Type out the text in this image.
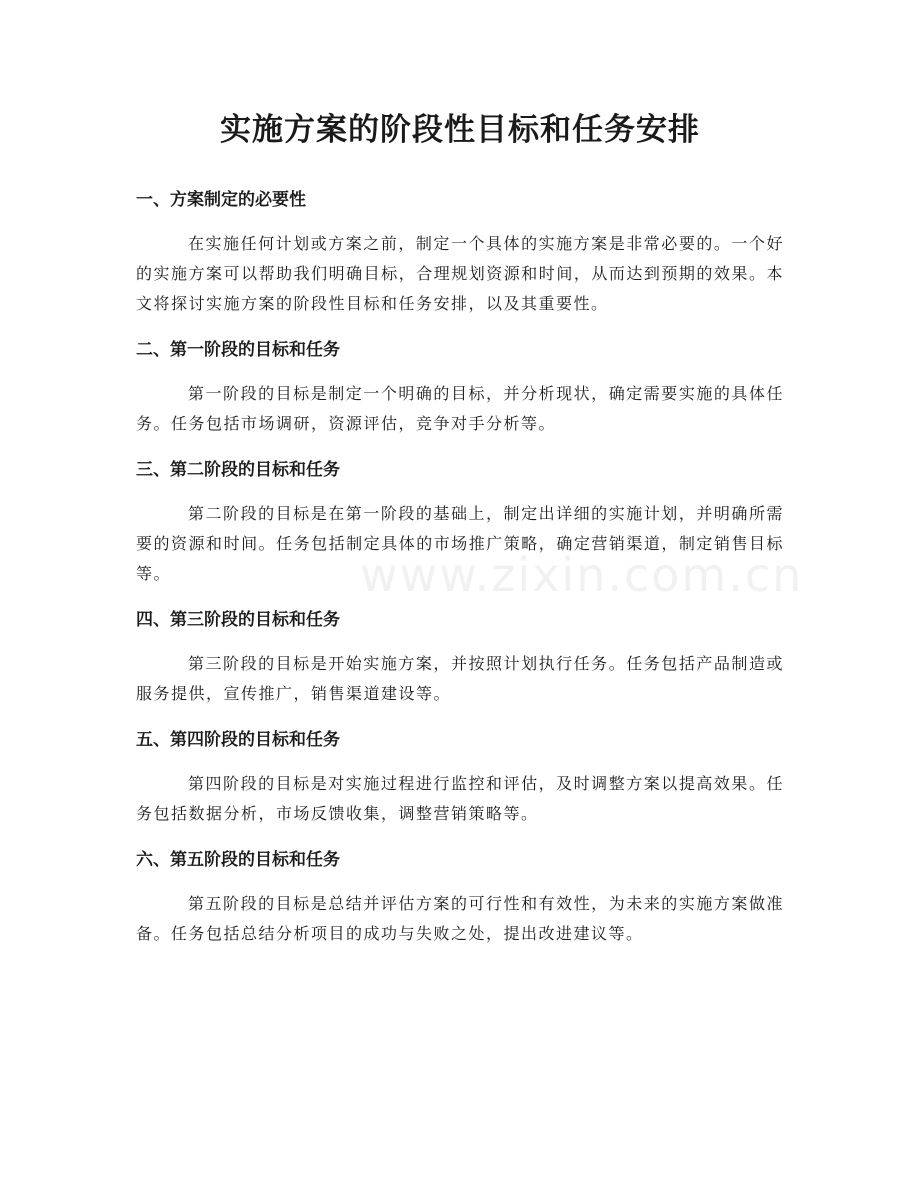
www.zixin.com.cn
实施方案的阶段性目标和任务安排

一、方案制定的必要性

在实施任何计划或方案之前，制定一个具体的实施方案是非常必要的。一个好的实施方案可以帮助我们明确目标，合理规划资源和时间，从而达到预期的效果。本文将探讨实施方案的阶段性目标和任务安排，以及其重要性。

二、第一阶段的目标和任务

第一阶段的目标是制定一个明确的目标，并分析现状，确定需要实施的具体任务。任务包括市场调研，资源评估，竞争对手分析等。

三、第二阶段的目标和任务

第二阶段的目标是在第一阶段的基础上，制定出详细的实施计划，并明确所需要的资源和时间。任务包括制定具体的市场推广策略，确定营销渠道，制定销售目标等。

四、第三阶段的目标和任务

第三阶段的目标是开始实施方案，并按照计划执行任务。任务包括产品制造或服务提供，宣传推广，销售渠道建设等。

五、第四阶段的目标和任务

第四阶段的目标是对实施过程进行监控和评估，及时调整方案以提高效果。任务包括数据分析，市场反馈收集，调整营销策略等。

六、第五阶段的目标和任务

第五阶段的目标是总结并评估方案的可行性和有效性，为未来的实施方案做准备。任务包括总结分析项目的成功与失败之处，提出改进建议等。
